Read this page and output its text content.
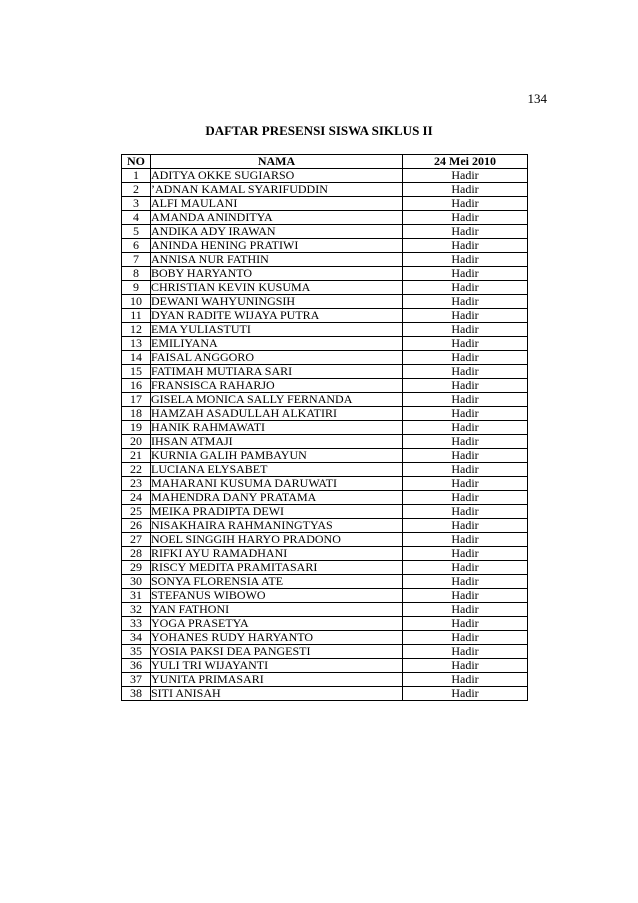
134
DAFTAR PRESENSI SISWA SIKLUS II
NO	NAMA	24 Mei 2010
1	ADITYA OKKE SUGIARSO	Hadir
2	’ADNAN KAMAL SYARIFUDDIN	Hadir
3	ALFI MAULANI	Hadir
4	AMANDA ANINDITYA	Hadir
5	ANDIKA ADY IRAWAN	Hadir
6	ANINDA HENING PRATIWI	Hadir
7	ANNISA NUR FATHIN	Hadir
8	BOBY HARYANTO	Hadir
9	CHRISTIAN KEVIN KUSUMA	Hadir
10	DEWANI WAHYUNINGSIH	Hadir
11	DYAN RADITE WIJAYA PUTRA	Hadir
12	EMA YULIASTUTI	Hadir
13	EMILIYANA	Hadir
14	FAISAL ANGGORO	Hadir
15	FATIMAH MUTIARA SARI	Hadir
16	FRANSISCA RAHARJO	Hadir
17	GISELA MONICA SALLY FERNANDA	Hadir
18	HAMZAH ASADULLAH ALKATIRI	Hadir
19	HANIK RAHMAWATI	Hadir
20	IHSAN ATMAJI	Hadir
21	KURNIA GALIH PAMBAYUN	Hadir
22	LUCIANA ELYSABET	Hadir
23	MAHARANI KUSUMA DARUWATI	Hadir
24	MAHENDRA DANY PRATAMA	Hadir
25	MEIKA PRADIPTA DEWI	Hadir
26	NISAKHAIRA RAHMANINGTYAS	Hadir
27	NOEL SINGGIH HARYO PRADONO	Hadir
28	RIFKI AYU RAMADHANI	Hadir
29	RISCY MEDITA PRAMITASARI	Hadir
30	SONYA FLORENSIA ATE	Hadir
31	STEFANUS WIBOWO	Hadir
32	YAN FATHONI	Hadir
33	YOGA PRASETYA	Hadir
34	YOHANES RUDY HARYANTO	Hadir
35	YOSIA PAKSI DEA PANGESTI	Hadir
36	YULI TRI WIJAYANTI	Hadir
37	YUNITA PRIMASARI	Hadir
38	SITI ANISAH	Hadir
